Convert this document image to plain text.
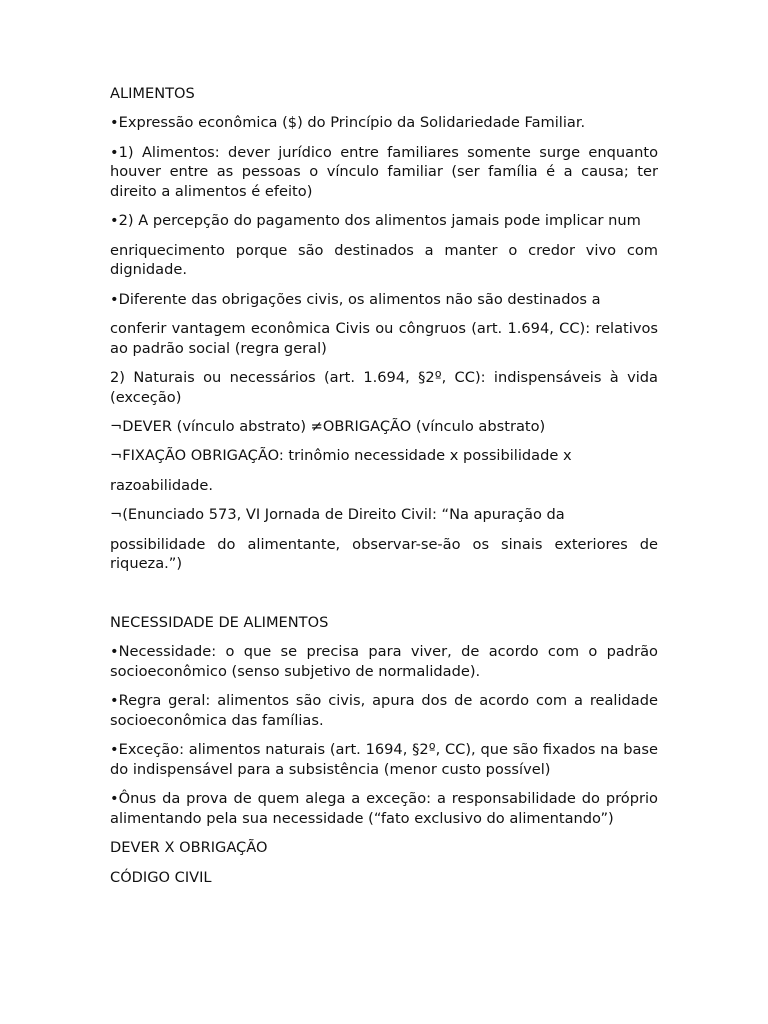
ALIMENTOS
•Expressão econômica ($) do Princípio da Solidariedade Familiar.
•1) Alimentos: dever jurídico entre familiares somente surge enquanto houver entre as pessoas o vínculo familiar (ser família é a causa; ter direito a alimentos é efeito)
•2) A percepção do pagamento dos alimentos jamais pode implicar num
enriquecimento porque são destinados a manter o credor vivo com dignidade.
•Diferente das obrigações civis, os alimentos não são destinados a
conferir vantagem econômica Civis ou côngruos (art. 1.694, CC): relativos ao padrão social (regra geral)
2) Naturais ou necessários (art. 1.694, §2º, CC): indispensáveis à vida (exceção)
¬DEVER (vínculo abstrato) ≠OBRIGAÇÃO (vínculo abstrato)
¬FIXAÇÃO OBRIGAÇÃO: trinômio necessidade x possibilidade x
razoabilidade.
¬(Enunciado 573, VI Jornada de Direito Civil: “Na apuração da
possibilidade do alimentante, observar-se-ão os sinais exteriores de riqueza.”)
NECESSIDADE DE ALIMENTOS
•Necessidade: o que se precisa para viver, de acordo com o padrão socioeconômico (senso subjetivo de normalidade).
•Regra geral: alimentos são civis, apura dos de acordo com a realidade socioeconômica das famílias.
•Exceção: alimentos naturais (art. 1694, §2º, CC), que são fixados na base do indispensável para a subsistência (menor custo possível)
•Ônus da prova de quem alega a exceção: a responsabilidade do próprio alimentando pela sua necessidade (“fato exclusivo do alimentando”)
DEVER X OBRIGAÇÃO
CÓDIGO CIVIL
